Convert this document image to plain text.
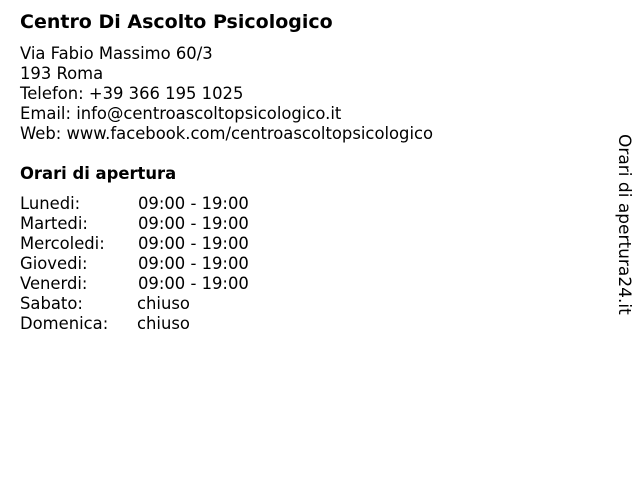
Centro Di Ascolto Psicologico
Via Fabio Massimo 60/3
193 Roma
Telefon: +39 366 195 1025
Email: info@centroascoltopsicologico.it
Web: www.facebook.com/centroascoltopsicologico
Orari di apertura
Lunedi:	09:00 - 19:00
Martedi:	09:00 - 19:00
Mercoledi: 09:00 - 19:00
Giovedi:	09:00 - 19:00
Venerdi:	09:00 - 19:00
Sabato:	chiuso
Domenica: chiuso
Orari di apertura24.it
